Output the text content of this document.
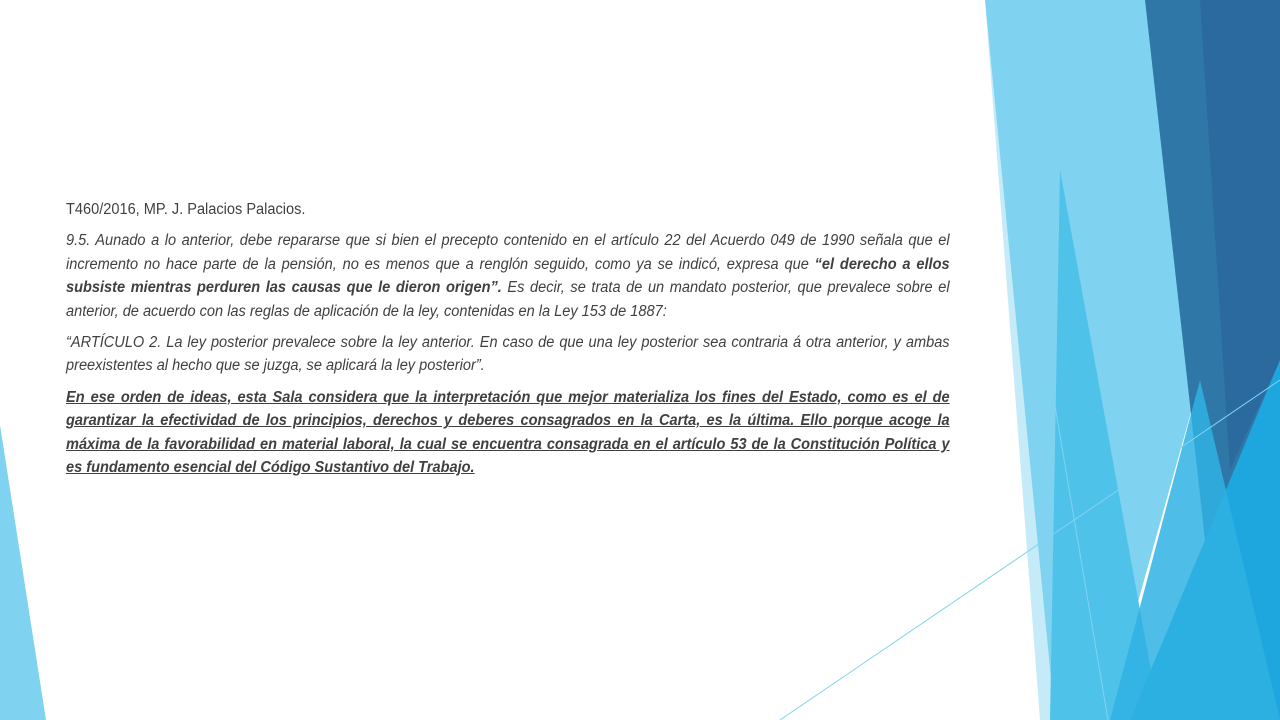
T460/2016, MP. J. Palacios Palacios.

9.5. Aunado a lo anterior, debe repararse que si bien el precepto contenido en el artículo 22 del Acuerdo 049 de 1990 señala que el incremento no hace parte de la pensión, no es menos que a renglón seguido, como ya se indicó, expresa que “el derecho a ellos subsiste mientras perduren las causas que le dieron origen”. Es decir, se trata de un mandato posterior, que prevalece sobre el anterior, de acuerdo con las reglas de aplicación de la ley, contenidas en la Ley 153 de 1887:

“ARTÍCULO 2. La ley posterior prevalece sobre la ley anterior. En caso de que una ley posterior sea contraria á otra anterior, y ambas preexistentes al hecho que se juzga, se aplicará la ley posterior”.

En ese orden de ideas, esta Sala considera que la interpretación que mejor materializa los fines del Estado, como es el de garantizar la efectividad de los principios, derechos y deberes consagrados en la Carta, es la última. Ello porque acoge la máxima de la favorabilidad en material laboral, la cual se encuentra consagrada en el artículo 53 de la Constitución Política y es fundamento esencial del Código Sustantivo del Trabajo.
